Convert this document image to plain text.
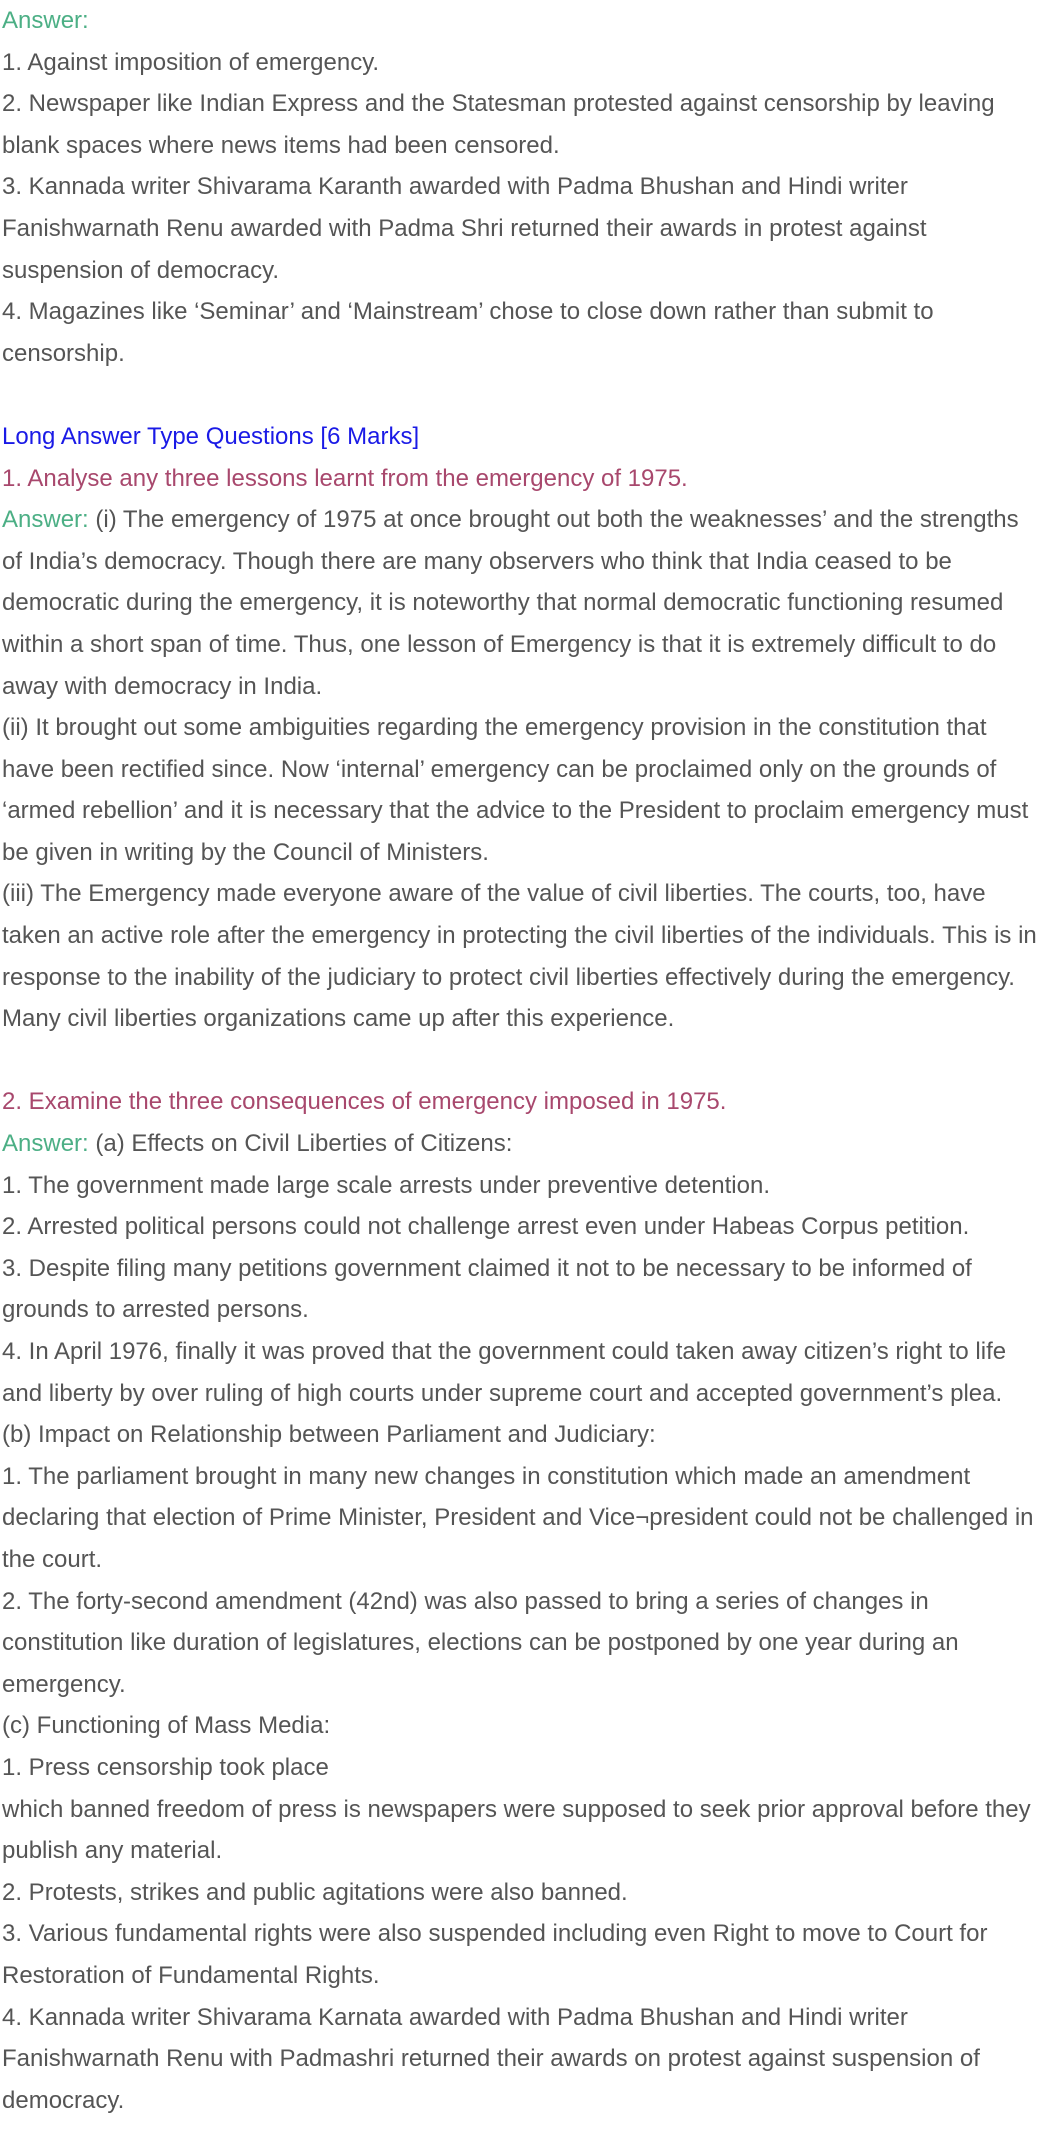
Answer:

1. Against imposition of emergency.

2. Newspaper like Indian Express and the Statesman protested against censorship by leaving blank spaces where news items had been censored.

3. Kannada writer Shivarama Karanth awarded with Padma Bhushan and Hindi writer Fanishwarnath Renu awarded with Padma Shri returned their awards in protest against suspension of democracy.

4. Magazines like ‘Seminar’ and ‘Mainstream’ chose to close down rather than submit to censorship.

Long Answer Type Questions [6 Marks]

1. Analyse any three lessons learnt from the emergency of 1975.

Answer: (i) The emergency of 1975 at once brought out both the weaknesses’ and the strengths of India’s democracy. Though there are many observers who think that India ceased to be democratic during the emergency, it is noteworthy that normal democratic functioning resumed within a short span of time. Thus, one lesson of Emergency is that it is extremely difficult to do away with democracy in India.

(ii) It brought out some ambiguities regarding the emergency provision in the constitution that have been rectified since. Now ‘internal’ emergency can be proclaimed only on the grounds of ‘armed rebellion’ and it is necessary that the advice to the President to proclaim emergency must be given in writing by the Council of Ministers.

(iii) The Emergency made everyone aware of the value of civil liberties. The courts, too, have taken an active role after the emergency in protecting the civil liberties of the individuals. This is in response to the inability of the judiciary to protect civil liberties effectively during the emergency. Many civil liberties organizations came up after this experience.

2. Examine the three consequences of emergency imposed in 1975.

Answer: (a) Effects on Civil Liberties of Citizens:

1. The government made large scale arrests under preventive detention.

2. Arrested political persons could not challenge arrest even under Habeas Corpus petition.

3. Despite filing many petitions government claimed it not to be necessary to be informed of grounds to arrested persons.

4. In April 1976, finally it was proved that the government could taken away citizen’s right to life and liberty by over ruling of high courts under supreme court and accepted government’s plea.

(b) Impact on Relationship between Parliament and Judiciary:

1. The parliament brought in many new changes in constitution which made an amendment declaring that election of Prime Minister, President and Vice¬president could not be challenged in the court.

2. The forty-second amendment (42nd) was also passed to bring a series of changes in constitution like duration of legislatures, elections can be postponed by one year during an emergency.

(c) Functioning of Mass Media:

1. Press censorship took place

which banned freedom of press is newspapers were supposed to seek prior approval before they publish any material.

2. Protests, strikes and public agitations were also banned.

3. Various fundamental rights were also suspended including even Right to move to Court for Restoration of Fundamental Rights.

4. Kannada writer Shivarama Karnata awarded with Padma Bhushan and Hindi writer Fanishwarnath Renu with Padmashri returned their awards on protest against suspension of democracy.
